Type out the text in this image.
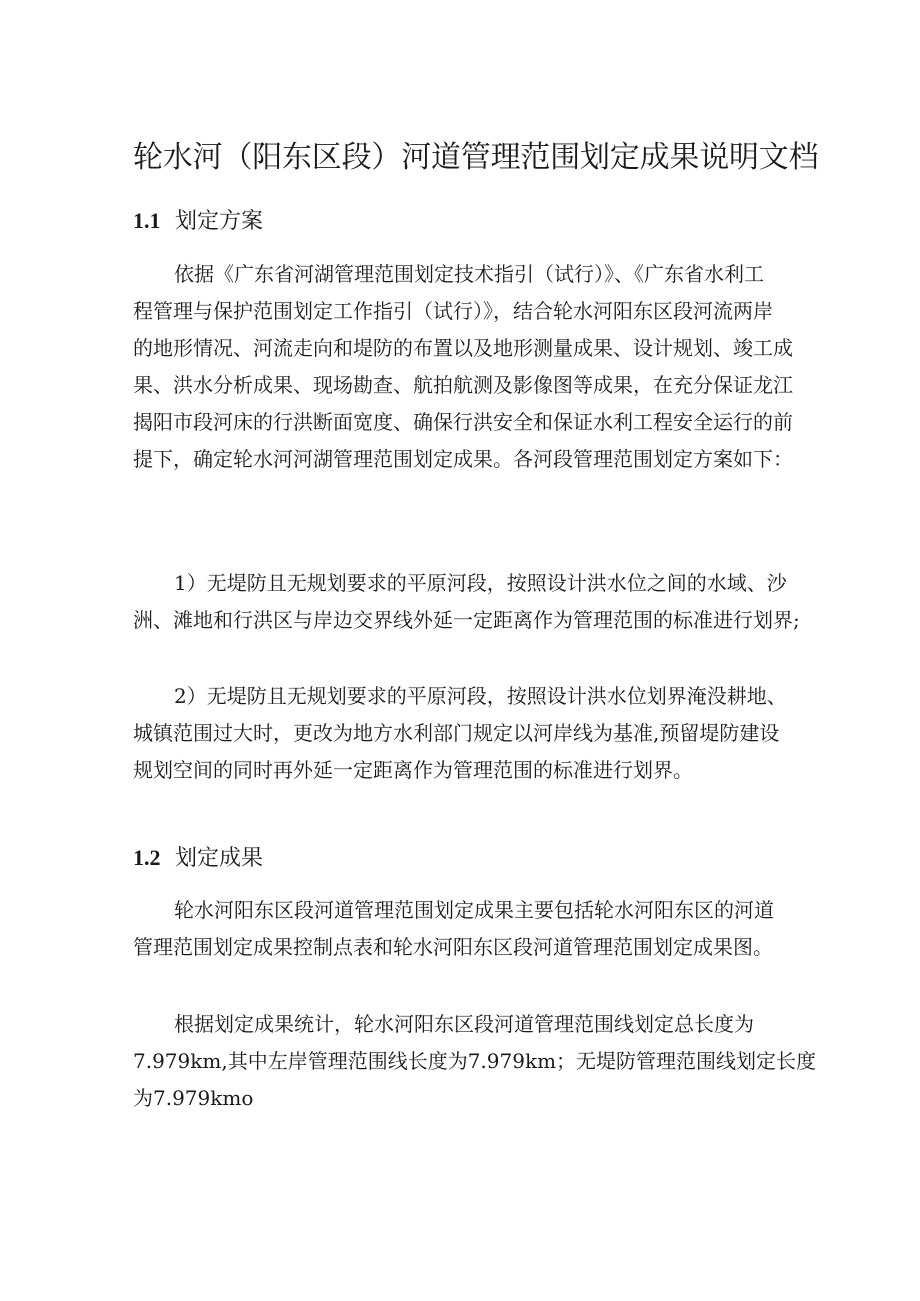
轮水河（阳东区段）河道管理范围划定成果说明文档
1.1 划定方案

依据《广东省河湖管理范围划定技术指引（试行）》、《广东省水利工
程管理与保护范围划定工作指引（试行）》，结合轮水河阳东区段河流两岸
的地形情况、河流走向和堤防的布置以及地形测量成果、设计规划、竣工成
果、洪水分析成果、现场勘查、航拍航测及影像图等成果，在充分保证龙江
揭阳市段河床的行洪断面宽度、确保行洪安全和保证水利工程安全运行的前
提下，确定轮水河河湖管理范围划定成果。各河段管理范围划定方案如下：

1）无堤防且无规划要求的平原河段，按照设计洪水位之间的水域、沙
洲、滩地和行洪区与岸边交界线外延一定距离作为管理范围的标准进行划界;

2）无堤防且无规划要求的平原河段，按照设计洪水位划界淹没耕地、
城镇范围过大时，更改为地方水利部门规定以河岸线为基准,预留堤防建设
规划空间的同时再外延一定距离作为管理范围的标准进行划界。

1.2 划定成果

轮水河阳东区段河道管理范围划定成果主要包括轮水河阳东区的河道
管理范围划定成果控制点表和轮水河阳东区段河道管理范围划定成果图。

根据划定成果统计，轮水河阳东区段河道管理范围线划定总长度为
7.979km,其中左岸管理范围线长度为7.979km；无堤防管理范围线划定长度
为7.979kmo
